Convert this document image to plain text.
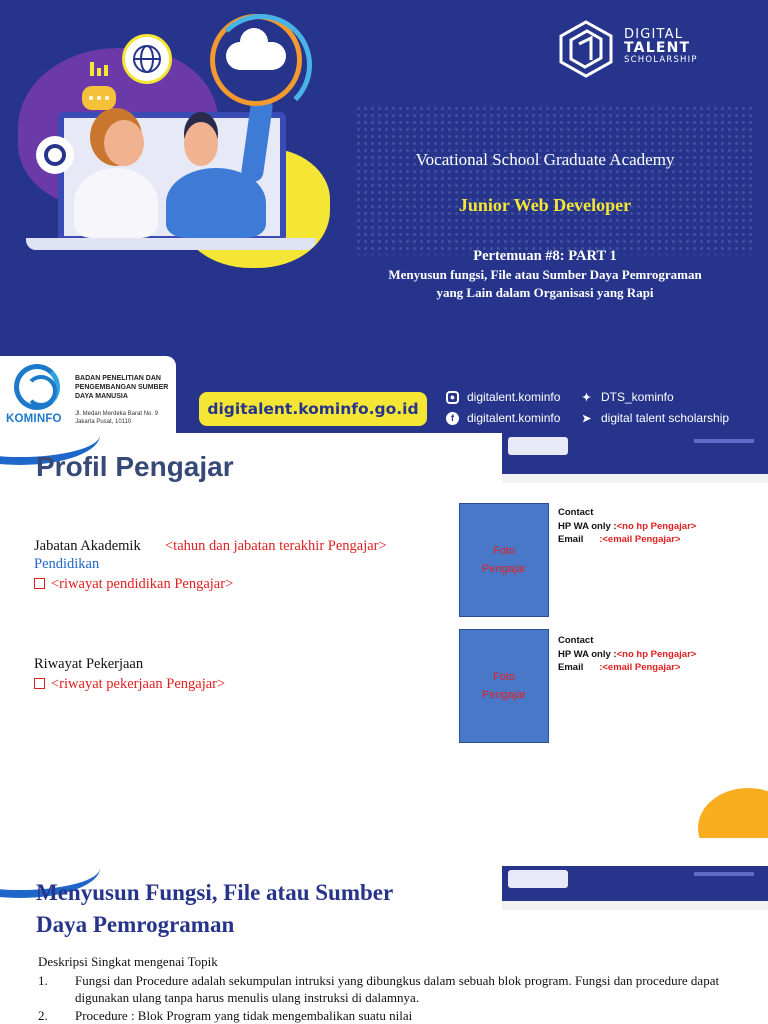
DIGITAL
TALENT
SCHOLARSHIP
Vocational School Graduate Academy
Junior Web Developer
Pertemuan #8: PART 1
Menyusun fungsi, File atau Sumber Daya Pemrograman
yang Lain dalam Organisasi yang Rapi
KOMINFO
BADAN PENELITIAN DAN PENGEMBANGAN SUMBER DAYA MANUSIA
Jl. Medan Merdeka Barat No. 9 Jakarta Pusat, 10110
digitalent.kominfo.go.id
● digitalent.kominfo ✦ DTS_kominfo
f	digitalent.kominfo ➤ digital talent scholarship
Profil Pengajar
Jabatan Akademik <tahun dan jabatan terakhir Pengajar>
Pendidikan
<riwayat pendidikan Pengajar>
Riwayat Pekerjaan
<riwayat pekerjaan Pengajar>
Foto
Pengajar
Contact
HP WA only :<no hp Pengajar>
Email :<email Pengajar>
Foto
Pengajar
Contact
HP WA only :<no hp Pengajar>
Email :<email Pengajar>
Menyusun Fungsi, File atau Sumber
Daya Pemrograman
Deskripsi Singkat mengenai Topik
1. Fungsi dan Procedure adalah sekumpulan intruksi yang dibungkus dalam sebuah blok program. Fungsi dan procedure dapat digunakan ulang tanpa harus menulis ulang instruksi di dalamnya.
2. Procedure : Blok Program yang tidak mengembalikan suatu nilai
